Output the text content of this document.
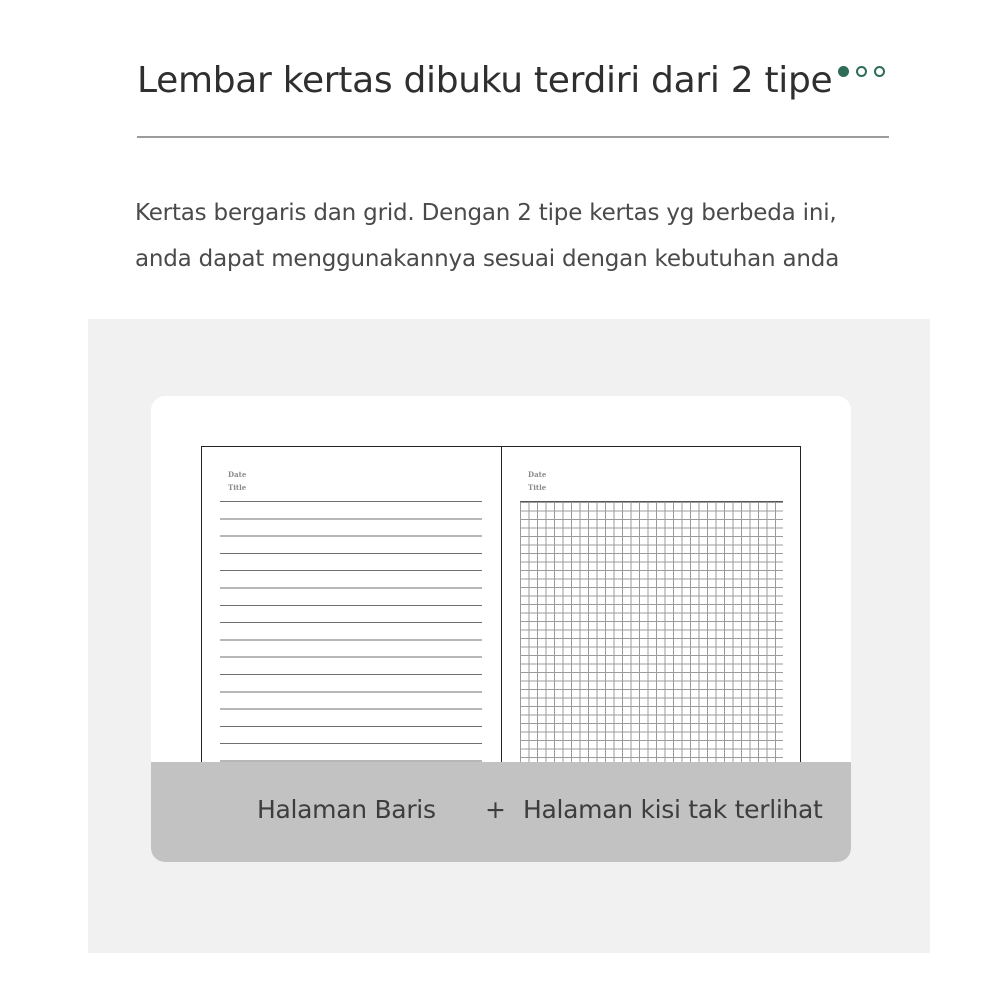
Lembar kertas dibuku terdiri dari 2 tipe
Kertas bergaris dan grid. Dengan 2 tipe kertas yg berbeda ini,
anda dapat menggunakannya sesuai dengan kebutuhan anda
Date
Title
Date
Title
Halaman Baris + Halaman kisi tak terlihat
